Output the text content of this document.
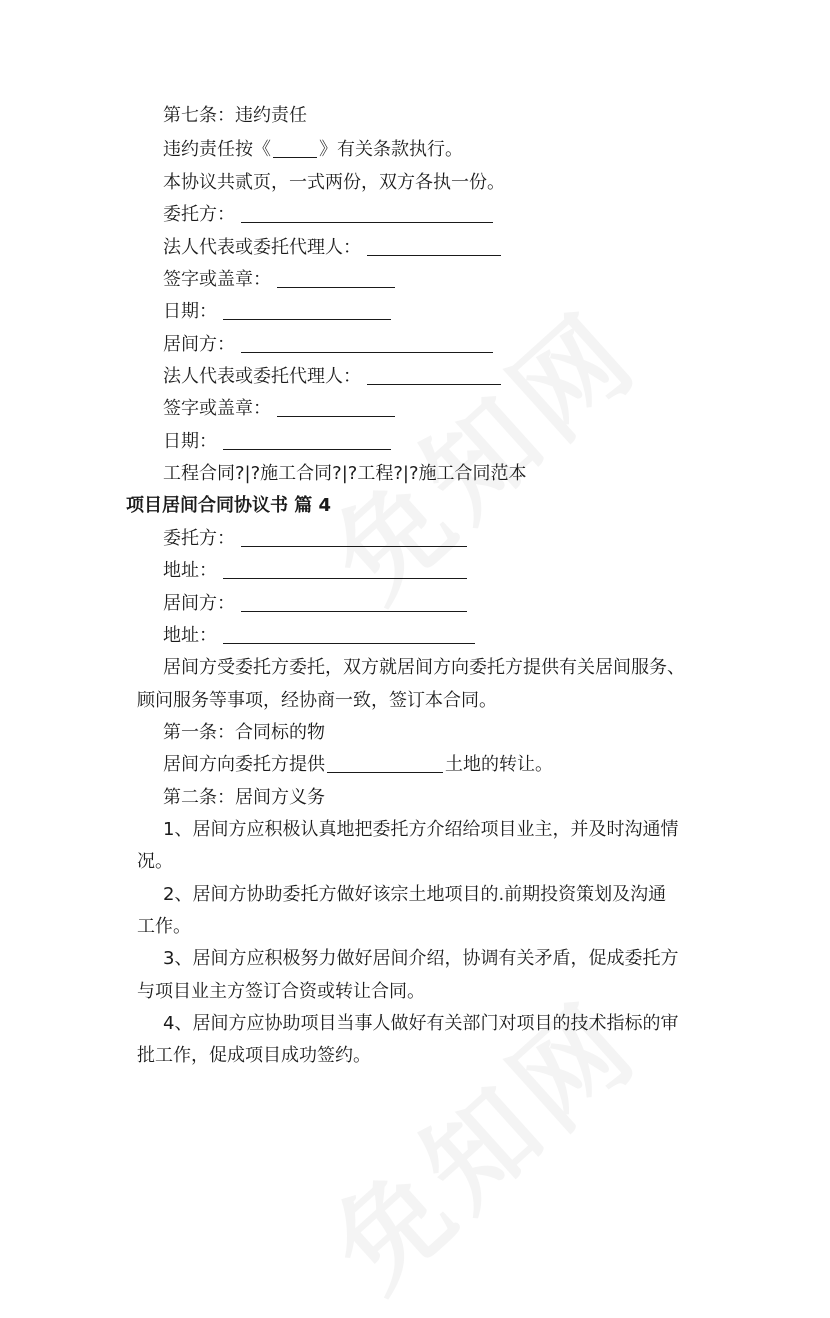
第七条：违约责任
违约责任按《	》有关条款执行。
本协议共贰页，一式两份，双方各执一份。
委托方：
法人代表或委托代理人：
签字或盖章：
日期：
居间方：
法人代表或委托代理人：
签字或盖章：
日期：
工程合同?|?施工合同?|?工程?|?施工合同范本
项目居间合同协议书 篇 4
委托方：
地址：
居间方：
地址：
居间方受委托方委托，双方就居间方向委托方提供有关居间服务、
顾问服务等事项，经协商一致，签订本合同。
第一条：合同标的物
居间方向委托方提供	土地的转让。
第二条：居间方义务
1、居间方应积极认真地把委托方介绍给项目业主，并及时沟通情
况。
2、居间方协助委托方做好该宗土地项目的.前期投资策划及沟通
工作。
3、居间方应积极努力做好居间介绍，协调有关矛盾，促成委托方
与项目业主方签订合资或转让合同。
4、居间方应协助项目当事人做好有关部门对项目的技术指标的审
批工作，促成项目成功签约。
